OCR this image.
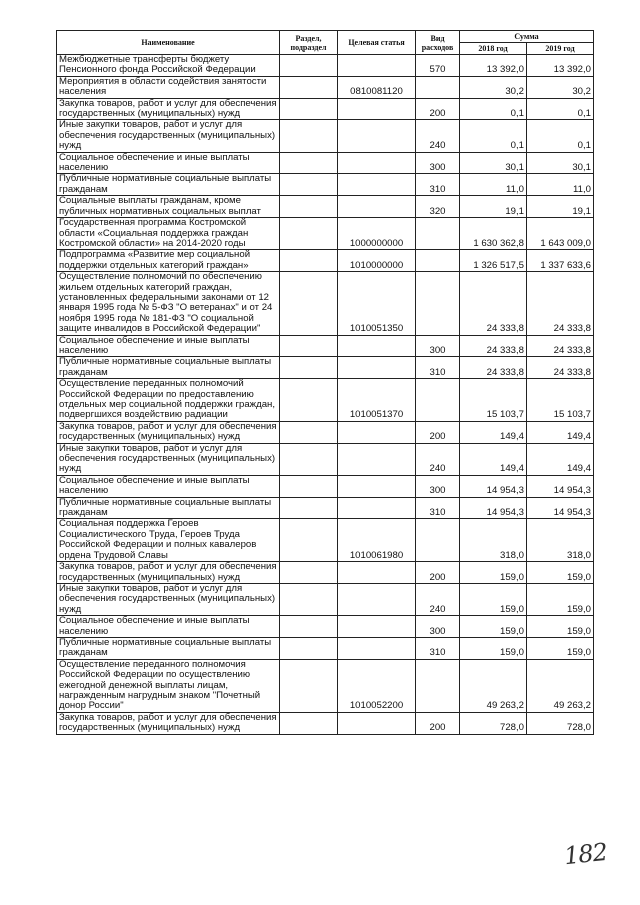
Наименование	Раздел, подраздел	Целевая статья	Вид расходов	Сумма	
				2018 год	2019 год
Межбюджетные трансферты бюджету Пенсионного фонда Российской Федерации			570	13 392,0	13 392,0
Мероприятия в области содействия занятости населения		0810081120		30,2	30,2
Закупка товаров, работ и услуг для обеспечения государственных (муниципальных) нужд			200	0,1	0,1
Иные закупки товаров, работ и услуг для обеспечения государственных (муниципальных) нужд			240	0,1	0,1
Социальное обеспечение и иные выплаты населению			300	30,1	30,1
Публичные нормативные социальные выплаты гражданам			310	11,0	11,0
Социальные выплаты гражданам, кроме публичных нормативных социальных выплат			320	19,1	19,1
Государственная программа Костромской области «Социальная поддержка граждан Костромской области» на 2014-2020 годы		1000000000		1 630 362,8	1 643 009,0
Подпрограмма «Развитие мер социальной поддержки отдельных категорий граждан»		1010000000		1 326 517,5	1 337 633,6
Осуществление полномочий по обеспечению жильем отдельных категорий граждан, установленных федеральными законами от 12 января 1995 года № 5-ФЗ "О ветеранах" и от 24 ноября 1995 года № 181-ФЗ "О социальной защите инвалидов в Российской Федерации"		1010051350		24 333,8	24 333,8
Социальное обеспечение и иные выплаты населению			300	24 333,8	24 333,8
Публичные нормативные социальные выплаты гражданам			310	24 333,8	24 333,8
Осуществление переданных полномочий Российской Федерации по предоставлению отдельных мер социальной поддержки граждан, подвергшихся воздействию радиации		1010051370		15 103,7	15 103,7
Закупка товаров, работ и услуг для обеспечения государственных (муниципальных) нужд			200	149,4	149,4
Иные закупки товаров, работ и услуг для обеспечения государственных (муниципальных) нужд			240	149,4	149,4
Социальное обеспечение и иные выплаты населению			300	14 954,3	14 954,3
Публичные нормативные социальные выплаты гражданам			310	14 954,3	14 954,3
Социальная поддержка Героев Социалистического Труда, Героев Труда Российской Федерации и полных кавалеров ордена Трудовой Славы		1010061980		318,0	318,0
Закупка товаров, работ и услуг для обеспечения государственных (муниципальных) нужд			200	159,0	159,0
Иные закупки товаров, работ и услуг для обеспечения государственных (муниципальных) нужд			240	159,0	159,0
Социальное обеспечение и иные выплаты населению			300	159,0	159,0
Публичные нормативные социальные выплаты гражданам			310	159,0	159,0
Осуществление переданного полномочия Российской Федерации по осуществлению ежегодной денежной выплаты лицам, награжденным нагрудным знаком "Почетный донор России"		1010052200		49 263,2	49 263,2
Закупка товаров, работ и услуг для обеспечения государственных (муниципальных) нужд			200	728,0	728,0
182
